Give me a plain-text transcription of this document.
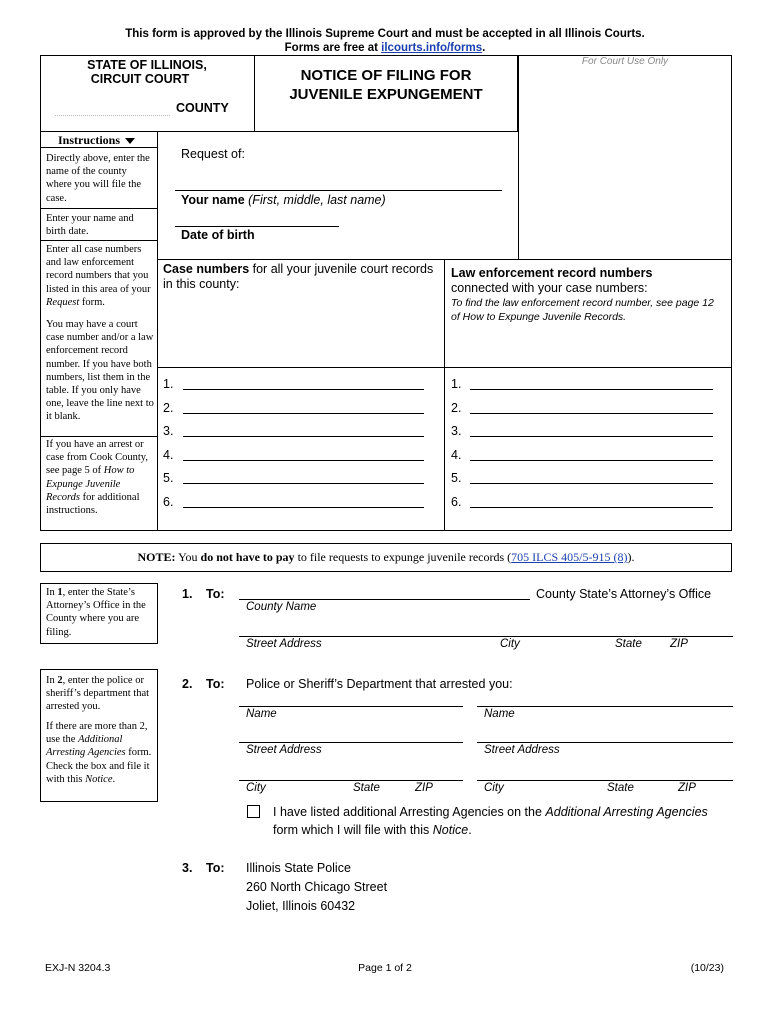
This form is approved by the Illinois Supreme Court and must be accepted in all Illinois Courts.
Forms are free at ilcourts.info/forms.
STATE OF ILLINOIS,
CIRCUIT COURT
COUNTY
NOTICE OF FILING FOR
JUVENILE EXPUNGEMENT
For Court Use Only
Instructions
Directly above, enter the name of the county where you will file the case.
Enter your name and birth date.
Enter all case numbers and law enforcement record numbers that you listed in this area of your Request form.
You may have a court case number and/or a law enforcement record number. If you have both numbers, list them in the table. If you only have one, leave the line next to it blank.
If you have an arrest or case from Cook County, see page 5 of How to Expunge Juvenile Records for additional instructions.
Request of:
Your name (First, middle, last name)
Date of birth
Case numbers for all your juvenile court records in this county:
Law enforcement record numbers
connected with your case numbers:
To find the law enforcement record number, see page 12 of How to Expunge Juvenile Records.
1.	1.
2.	2.
3.	3.
4.	4.
5.	5.
6.	6.
NOTE: You do not have to pay to file requests to expunge juvenile records (705 ILCS 405/5-915 (8)).
In 1, enter the State’s Attorney’s Office in the County where you are filing.
1. To:	County State’s Attorney’s Office
County Name
Street Address	City	State ZIP
In 2, enter the police or sheriff’s department that arrested you.
If there are more than 2, use the Additional Arresting Agencies form. Check the box and file it with this Notice.
2. To: Police or Sheriff’s Department that arrested you:
Name	Name
Street Address	Street Address
City	State	ZIP	City	State	ZIP
I have listed additional Arresting Agencies on the Additional Arresting Agencies
form which I will file with this Notice.
3. To: Illinois State Police
260 North Chicago Street
Joliet, Illinois 60432
EXJ-N 3204.3	Page 1 of 2	(10/23)
